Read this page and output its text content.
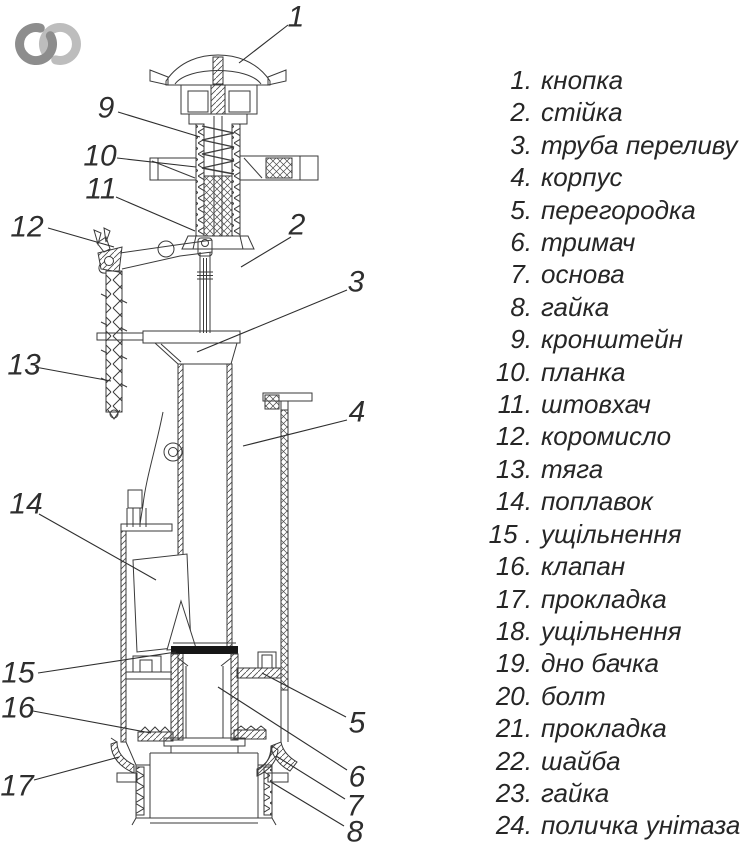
1
2
3
4
5
6
7
8
9
10
11
12
13
14
15
16
17
1. кнопка
2. стійка
3. труба переливу
4. корпус
5. перегородка
6. тримач
7. основа
8. гайка
9. кронштейн
10. планка
11. штовхач
12. коромисло
13. тяга
14. поплавок
15 . ущільнення
16. клапан
17. прокладка
18. ущільнення
19. дно бачка
20. болт
21. прокладка
22. шайба
23. гайка
24. поличка унітаза
